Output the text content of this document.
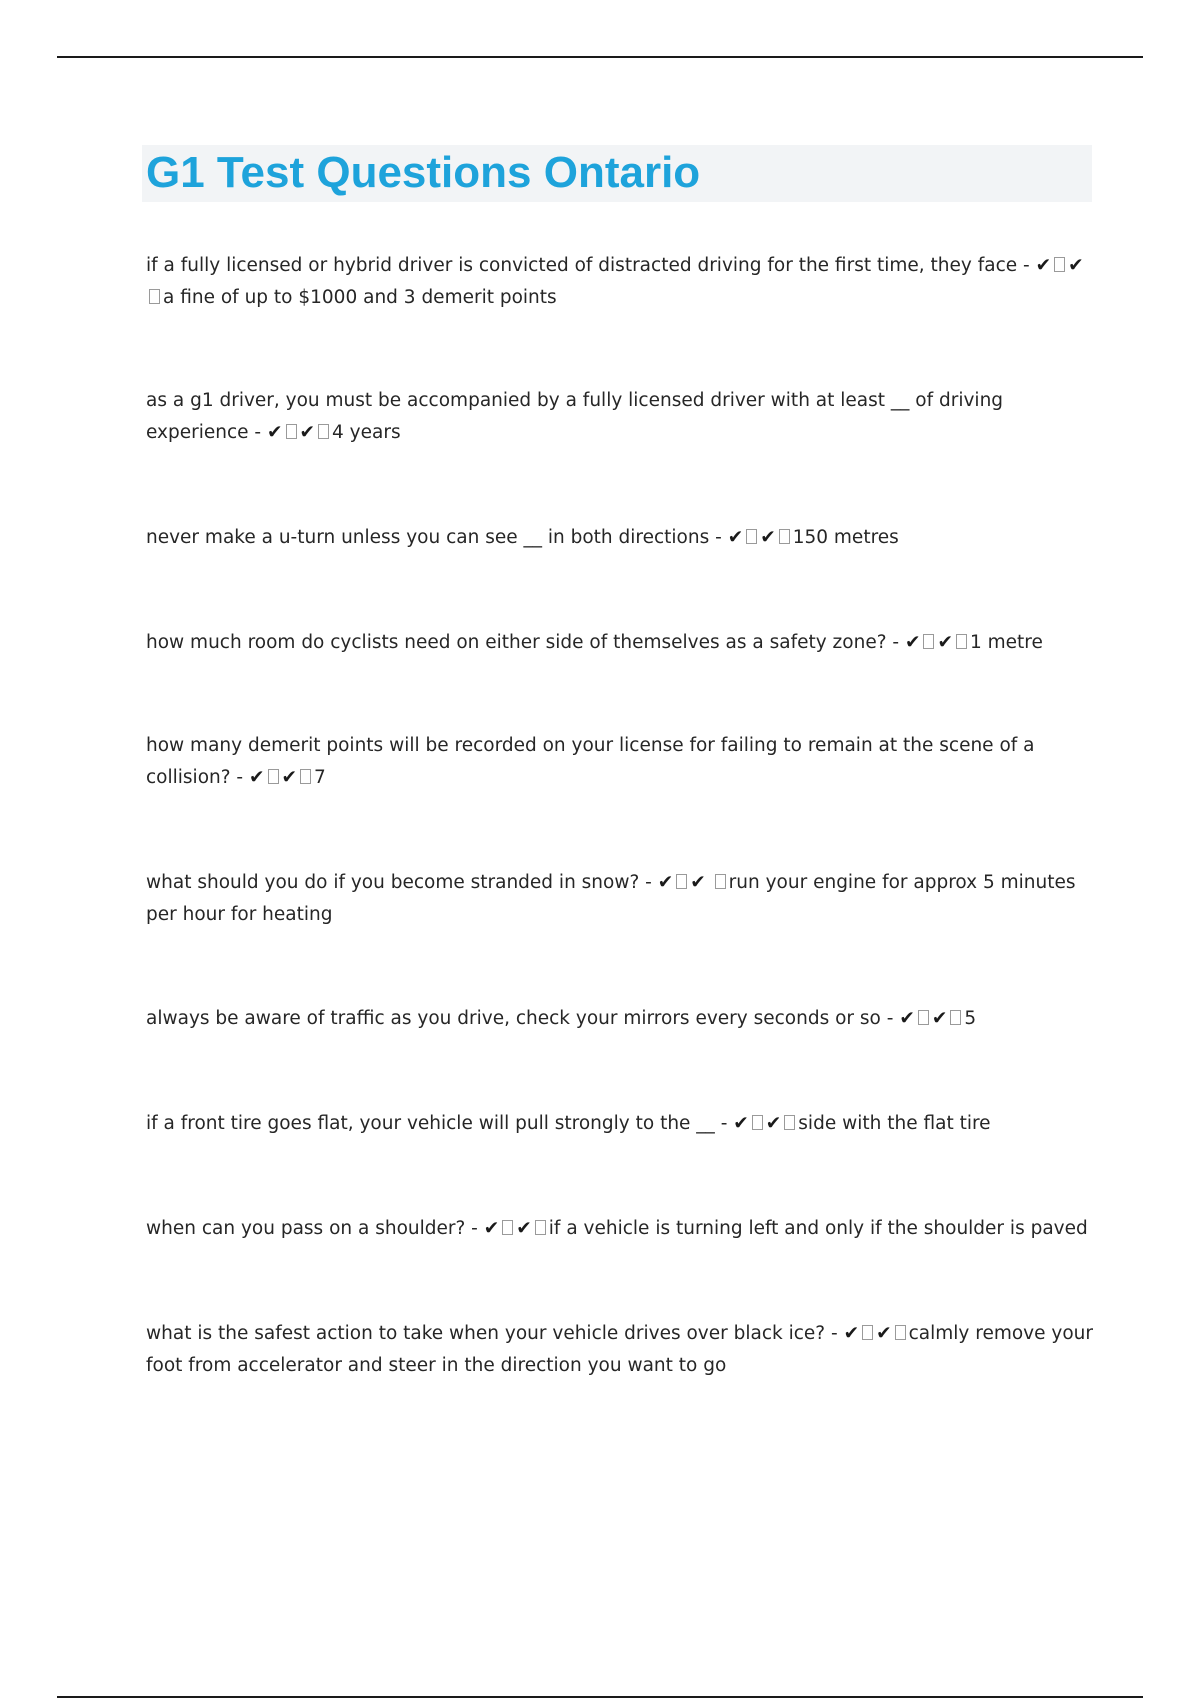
G1 Test Questions Ontario

if a fully licensed or hybrid driver is convicted of distracted driving for the first time, they face - ✔ ✔ a fine of up to $1000 and 3 demerit points

as a g1 driver, you must be accompanied by a fully licensed driver with at least __ of driving experience - ✔ ✔ 4 years

never make a u-turn unless you can see __ in both directions - ✔ ✔ 150 metres

how much room do cyclists need on either side of themselves as a safety zone? - ✔ ✔ 1 metre

how many demerit points will be recorded on your license for failing to remain at the scene of a collision? - ✔ ✔ 7

what should you do if you become stranded in snow? - ✔ ✔ run your engine for approx 5 minutes per hour for heating

always be aware of traffic as you drive, check your mirrors every seconds or so - ✔ ✔ 5

if a front tire goes flat, your vehicle will pull strongly to the __ - ✔ ✔ side with the flat tire

when can you pass on a shoulder? - ✔ ✔ if a vehicle is turning left and only if the shoulder is paved

what is the safest action to take when your vehicle drives over black ice? - ✔ ✔ calmly remove your foot from accelerator and steer in the direction you want to go
